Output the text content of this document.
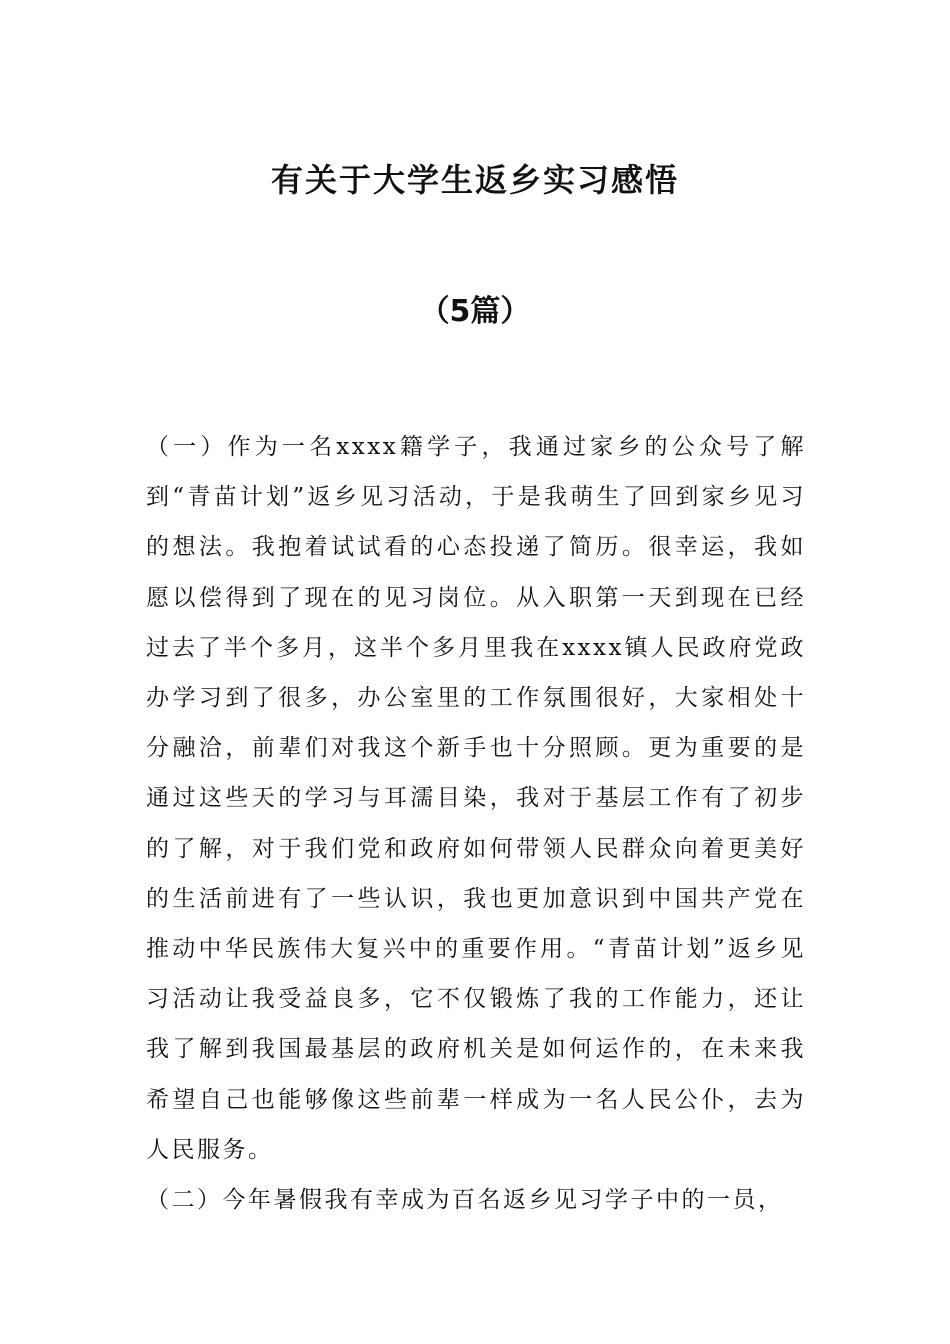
有关于大学生返乡实习感悟
（5篇）

（一）作为一名xxxx籍学子，我通过家乡的公众号了解到“青苗计划”返乡见习活动，于是我萌生了回到家乡见习的想法。我抱着试试看的心态投递了简历。很幸运，我如愿以偿得到了现在的见习岗位。从入职第一天到现在已经过去了半个多月，这半个多月里我在xxxx镇人民政府党政办学习到了很多，办公室里的工作氛围很好，大家相处十分融洽，前辈们对我这个新手也十分照顾。更为重要的是通过这些天的学习与耳濡目染，我对于基层工作有了初步的了解，对于我们党和政府如何带领人民群众向着更美好的生活前进有了一些认识，我也更加意识到中国共产党在推动中华民族伟大复兴中的重要作用。“青苗计划”返乡见习活动让我受益良多，它不仅锻炼了我的工作能力，还让我了解到我国最基层的政府机关是如何运作的，在未来我希望自己也能够像这些前辈一样成为一名人民公仆，去为人民服务。

（二）今年暑假我有幸成为百名返乡见习学子中的一员，
